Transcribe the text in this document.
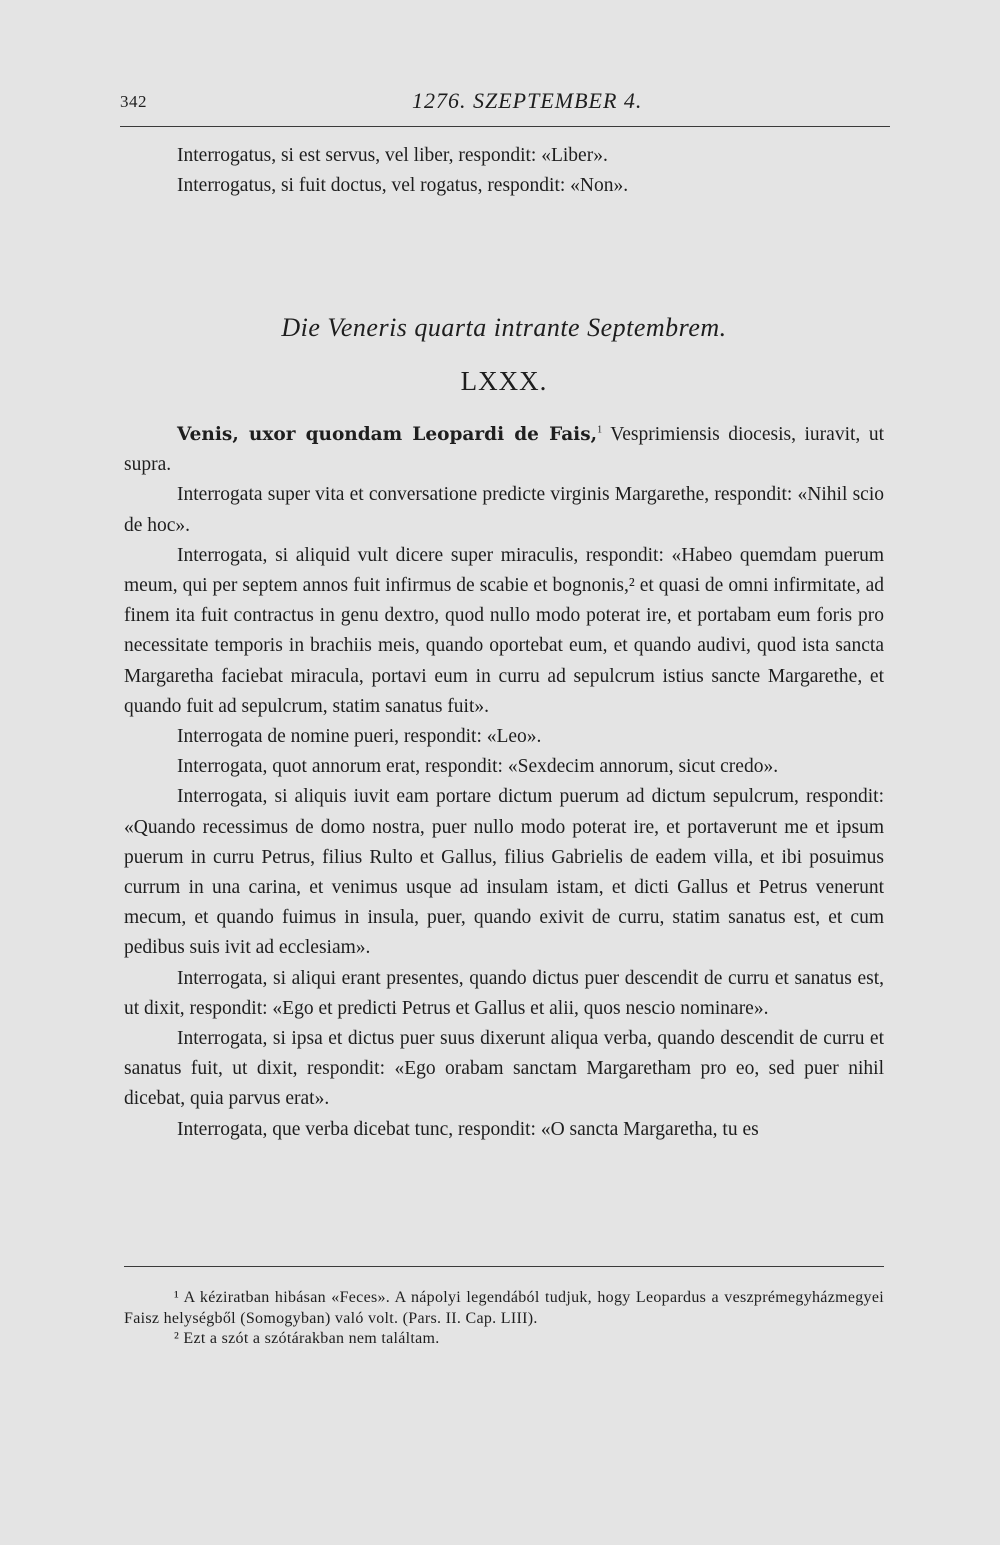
342	1276. SZEPTEMBER 4.

Interrogatus, si est servus, vel liber, respondit: «Liber».

Interrogatus, si fuit doctus, vel rogatus, respondit: «Non».

Die Veneris quarta intrante Septembrem.
LXXX.

Venis, uxor quondam Leopardi de Fais,$^1$ Vesprimiensis diocesis, iuravit, ut supra.

Interrogata super vita et conversatione predicte virginis Margarethe, respondit: «Nihil scio de hoc».

Interrogata, si aliquid vult dicere super miraculis, respondit: «Habeo quemdam puerum meum, qui per septem annos fuit infirmus de scabie et bognonis,² et quasi de omni infirmitate, ad finem ita fuit contractus in genu dextro, quod nullo modo poterat ire, et portabam eum foris pro necessitate temporis in brachiis meis, quando oportebat eum, et quando audivi, quod ista sancta Margaretha faciebat miracula, portavi eum in curru ad sepulcrum istius sancte Margarethe, et quando fuit ad sepulcrum, statim sanatus fuit».

Interrogata de nomine pueri, respondit: «Leo».

Interrogata, quot annorum erat, respondit: «Sexdecim annorum, sicut credo».

Interrogata, si aliquis iuvit eam portare dictum puerum ad dictum sepulcrum, respondit: «Quando recessimus de domo nostra, puer nullo modo poterat ire, et portaverunt me et ipsum puerum in curru Petrus, filius Rulto et Gallus, filius Gabrielis de eadem villa, et ibi posuimus currum in una carina, et venimus usque ad insulam istam, et dicti Gallus et Petrus venerunt mecum, et quando fuimus in insula, puer, quando exivit de curru, statim sanatus est, et cum pedibus suis ivit ad ecclesiam».

Interrogata, si aliqui erant presentes, quando dictus puer descendit de curru et sanatus est, ut dixit, respondit: «Ego et predicti Petrus et Gallus et alii, quos nescio nominare».

Interrogata, si ipsa et dictus puer suus dixerunt aliqua verba, quando descendit de curru et sanatus fuit, ut dixit, respondit: «Ego orabam sanctam Margaretham pro eo, sed puer nihil dicebat, quia parvus erat».

Interrogata, que verba dicebat tunc, respondit: «O sancta Margaretha, tu es

¹ A kéziratban hibásan «Feces». A nápolyi legendából tudjuk, hogy Leopardus a veszprémegyházmegyei Faisz helységből (Somogyban) való volt. (Pars. II. Cap. LIII).

² Ezt a szót a szótárakban nem találtam.
